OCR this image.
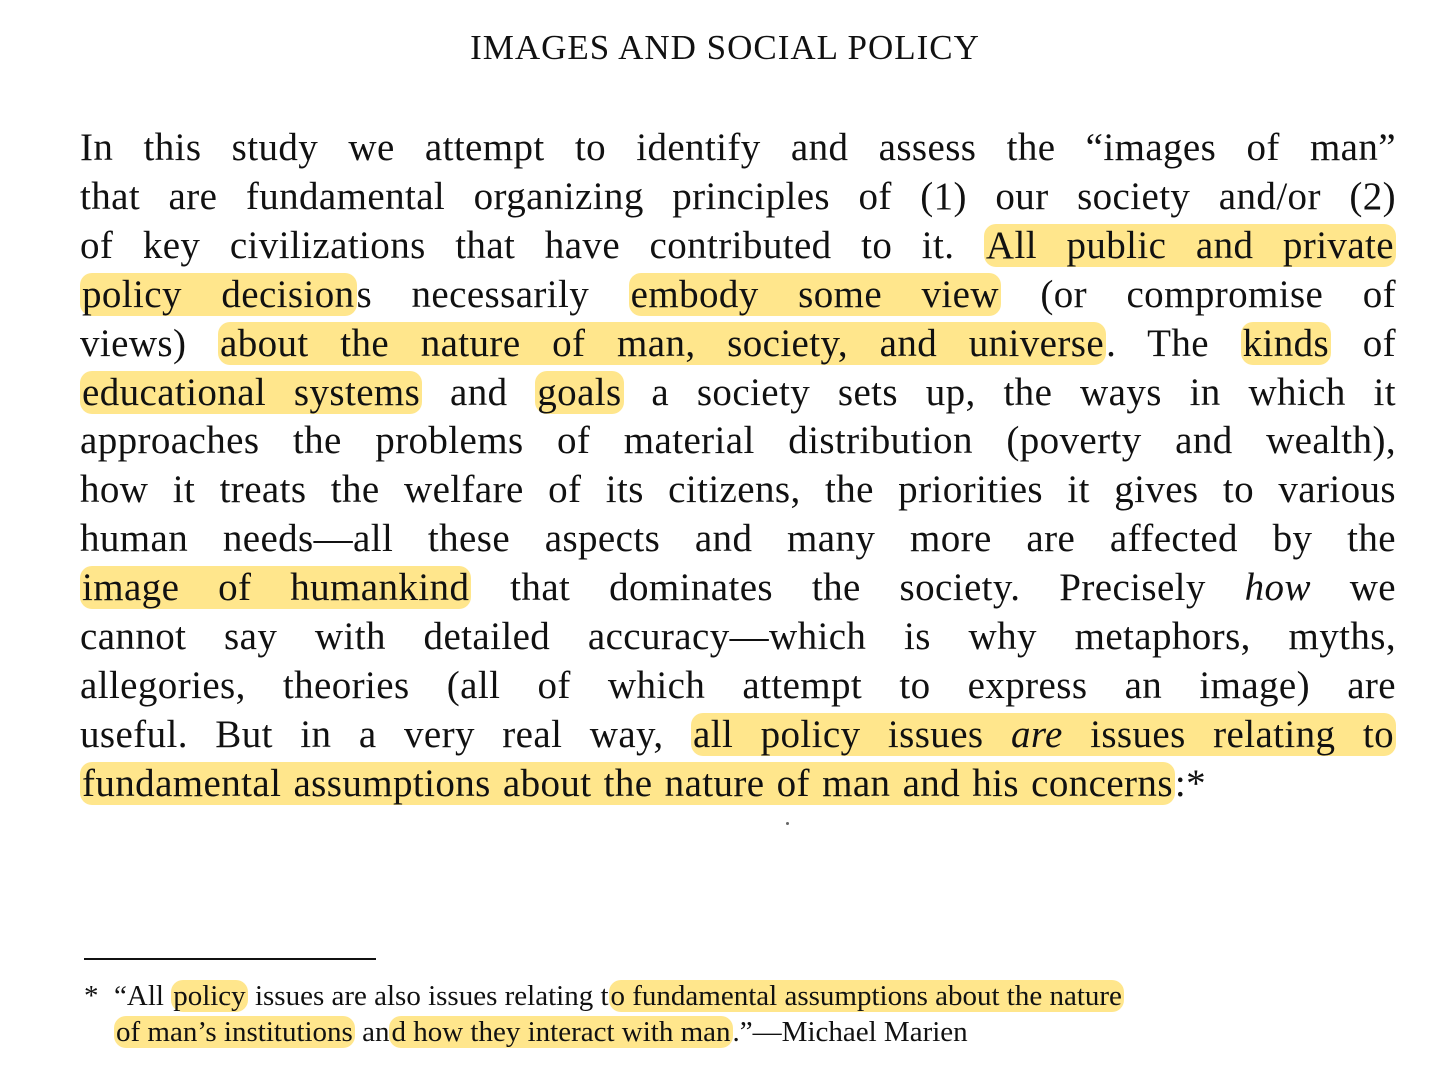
IMAGES AND SOCIAL POLICY
In this study we attempt to identify and assess the “images of man”
that are fundamental organizing principles of (1) our society and/or (2)
of key civilizations that have contributed to it. All public and private
policy decisions necessarily embody some view (or compromise of
views) about the nature of man, society, and universe. The kinds of
educational systems and goals a society sets up, the ways in which it
approaches the problems of material distribution (poverty and wealth),
how it treats the welfare of its citizens, the priorities it gives to various
human needs—all these aspects and many more are affected by the
image of humankind that dominates the society. Precisely how we
cannot say with detailed accuracy—which is why metaphors, myths,
allegories, theories (all of which attempt to express an image) are
useful. But in a very real way, all policy issues are issues relating to
fundamental assumptions about the nature of man and his concerns:*
* “All policy issues are also issues relating to fundamental assumptions about the nature
of man’s institutions and how they interact with man.”—Michael Marien
